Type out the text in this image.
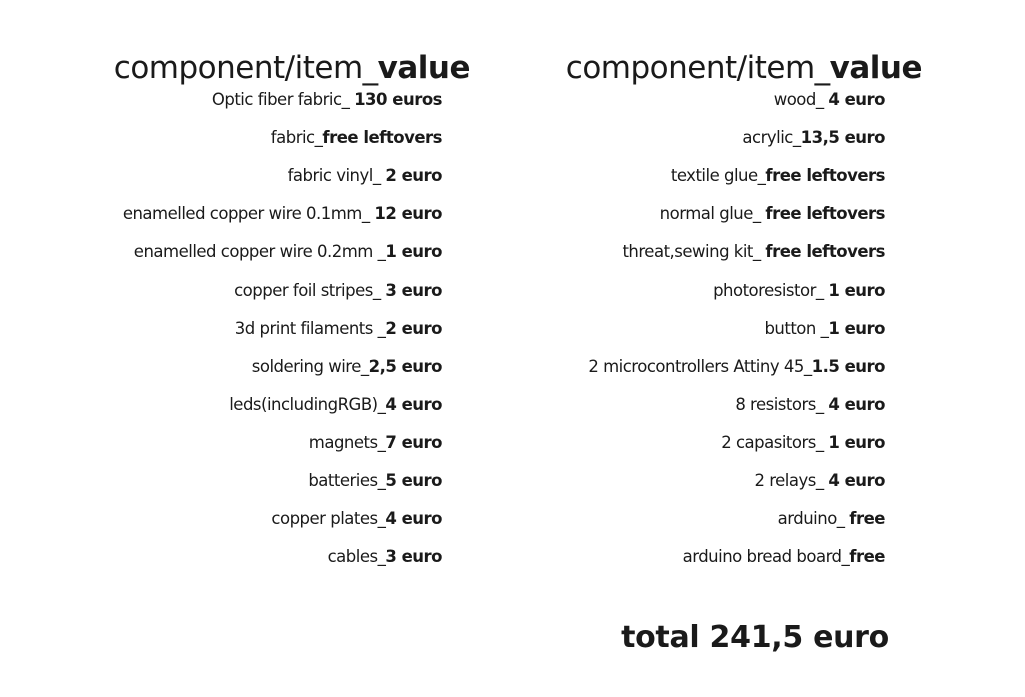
component/item_value	component/item_value
Optic fiber fabric_ 130 euros
fabric_free leftovers
fabric vinyl_ 2 euro
enamelled copper wire 0.1mm_ 12 euro
enamelled copper wire 0.2mm _1 euro
copper foil stripes_ 3 euro
3d print filaments _2 euro
soldering wire_2,5 euro
leds(includingRGB)_4 euro
magnets_7 euro
batteries_5 euro
copper plates_4 euro
cables_3 euro
wood_ 4 euro
acrylic_13,5 euro
textile glue_free leftovers
normal glue_ free leftovers
threat,sewing kit_ free leftovers
photoresistor_ 1 euro
button _1 euro
2 microcontrollers Attiny 45_1.5 euro
8 resistors_ 4 euro
2 capasitors_ 1 euro
2 relays_ 4 euro
arduino_ free
arduino bread board_free
total 241,5 euro
